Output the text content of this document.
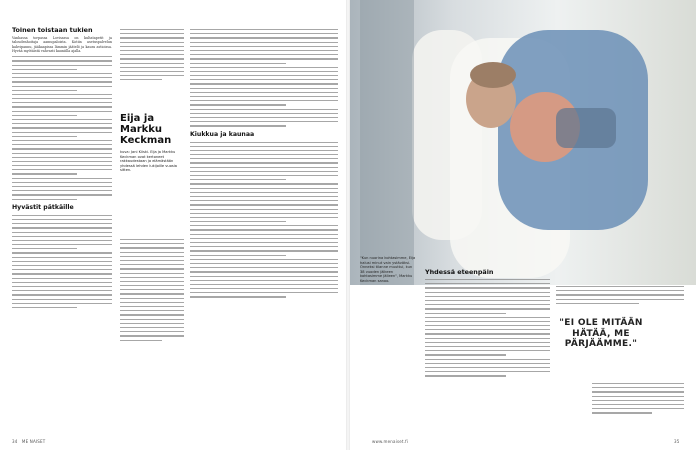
Toinen toistaan tukien
Vanhassa torpassa Lovisassa on kultatapetit ja taloudenhoitaja aamupaloista. Kotiin asetuspalvelun kahvipannu, jääkaapissa lämmin jäätelö ja kaura astioissa. Hyvää myötäistä vahvasti kauniilla ajalla.
Hyvästit pätkäille
Eija ja Markku Keckman
kuva: Jani Kiiski. Eija ja Markku Keckman ovat kertoneet rakkaudestaan ja elämästään yhdessä lehden lukijoille vuosia sitten.
Kiukkua ja kaunaa
34 ME NAISET
"Kun nuorina kohtasimme, Eija halusi minut vain ystäväksi. Onneksi tilanne muuttui, kun 38 vuoden jälkeen kohtasimme jälleen", Markku Keckman sanoo.
Yhdessä eteenpäin
"EI OLE MITÄÄN HÄTÄÄ, ME PÄRJÄÄMME."
www.menaiset.fi	35
